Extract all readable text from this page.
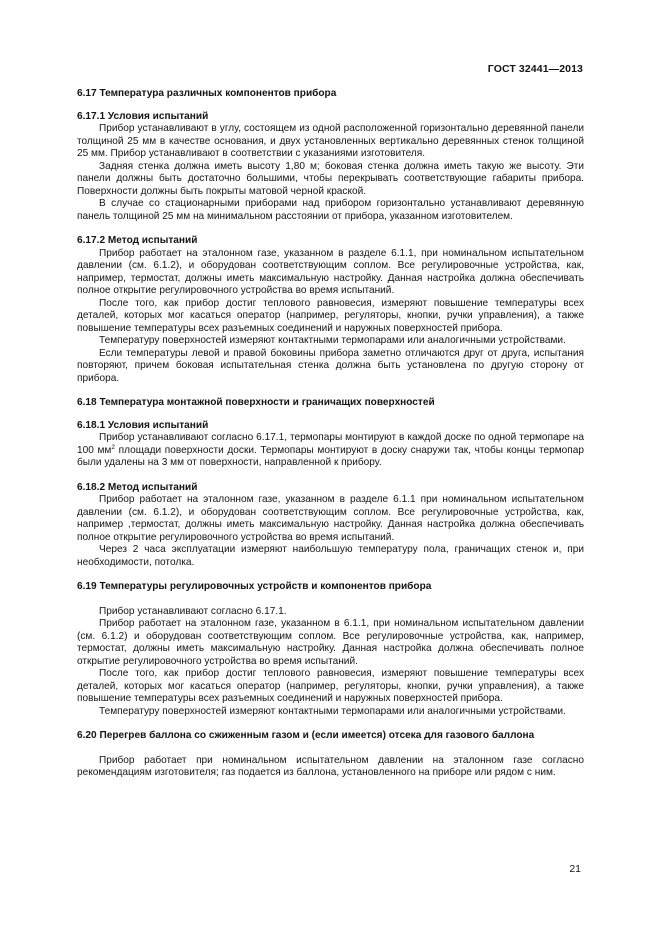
ГОСТ 32441—2013

6.17 Температура различных компонентов прибора

6.17.1 Условия испытаний

Прибор устанавливают в углу, состоящем из одной расположенной горизонтально деревянной панели толщиной 25 мм в качестве основания, и двух установленных вертикально деревянных стенок толщиной 25 мм. Прибор устанавливают в соответствии с указаниями изготовителя.

Задняя стенка должна иметь высоту 1,80 м; боковая стенка должна иметь такую же высоту. Эти панели должны быть достаточно большими, чтобы перекрывать соответствующие габариты прибора. Поверхности должны быть покрыты матовой черной краской.

В случае со стационарными приборами над прибором горизонтально устанавливают деревянную панель толщиной 25 мм на минимальном расстоянии от прибора, указанном изготовителем.

6.17.2 Метод испытаний

Прибор работает на эталонном газе, указанном в разделе 6.1.1, при номинальном испытательном давлении (см. 6.1.2), и оборудован соответствующим соплом. Все регулировочные устройства, как, например, термостат, должны иметь максимальную настройку. Данная настройка должна обеспечивать полное открытие регулировочного устройства во время испытаний.

После того, как прибор достиг теплового равновесия, измеряют повышение температуры всех деталей, которых мог касаться оператор (например, регуляторы, кнопки, ручки управления), а также повышение температуры всех разъемных соединений и наружных поверхностей прибора.

Температуру поверхностей измеряют контактными термопарами или аналогичными устройствами.

Если температуры левой и правой боковины прибора заметно отличаются друг от друга, испытания повторяют, причем боковая испытательная стенка должна быть установлена по другую сторону от прибора.

6.18 Температура монтажной поверхности и граничащих поверхностей

6.18.1 Условия испытаний

Прибор устанавливают согласно 6.17.1, термопары монтируют в каждой доске по одной термопаре на 100 $мм^2$ площади поверхности доски. Термопары монтируют в доску снаружи так, чтобы концы термопар были удалены на 3 мм от поверхности, направленной к прибору.

6.18.2 Метод испытаний

Прибор работает на эталонном газе, указанном в разделе 6.1.1 при номинальном испытательном давлении (см. 6.1.2), и оборудован соответствующим соплом. Все регулировочные устройства, как, например ,термостат, должны иметь максимальную настройку. Данная настройка должна обеспечивать полное открытие регулировочного устройства во время испытаний.

Через 2 часа эксплуатации измеряют наибольшую температуру пола, граничащих стенок и, при необходимости, потолка.

6.19 Температуры регулировочных устройств и компонентов прибора

Прибор устанавливают согласно 6.17.1.

Прибор работает на эталонном газе, указанном в 6.1.1, при номинальном испытательном давлении (см. 6.1.2) и оборудован соответствующим соплом. Все регулировочные устройства, как, например, термостат, должны иметь максимальную настройку. Данная настройка должна обеспечивать полное открытие регулировочного устройства во время испытаний.

После того, как прибор достиг теплового равновесия, измеряют повышение температуры всех деталей, которых мог касаться оператор (например, регуляторы, кнопки, ручки управления), а также повышение температуры всех разъемных соединений и наружных поверхностей прибора.

Температуру поверхностей измеряют контактными термопарами или аналогичными устройствами.

6.20 Перегрев баллона со сжиженным газом и (если имеется) отсека для газового баллона

Прибор работает при номинальном испытательном давлении на эталонном газе согласно рекомендациям изготовителя; газ подается из баллона, установленного на приборе или рядом с ним.

21
